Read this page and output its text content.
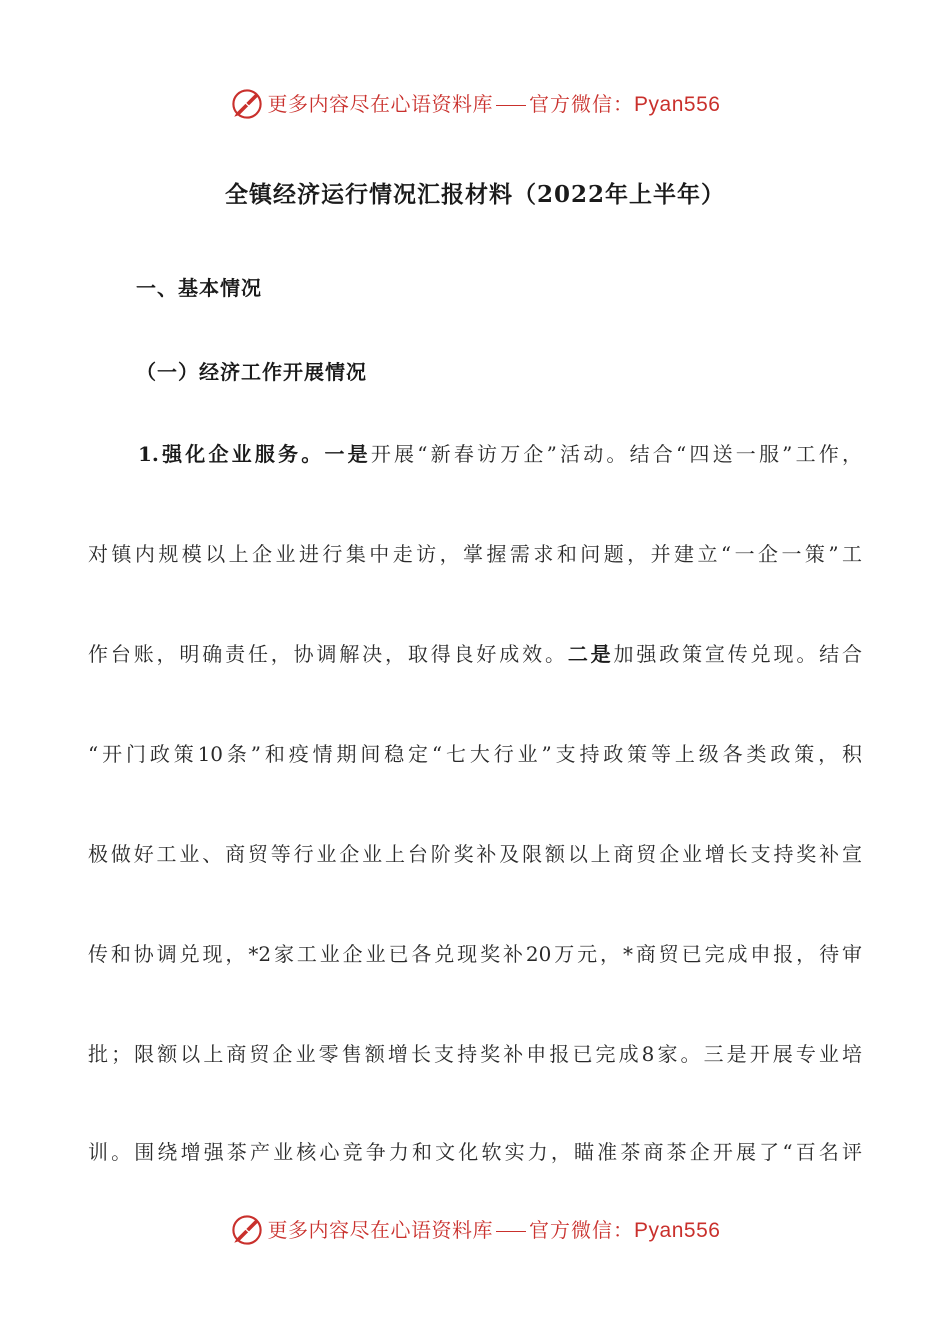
更多内容尽在心语资料库 官方微信： Pyan556
全镇经济运行情况汇报材料（2022年上半年）
一、基本情况
（一）经济工作开展情况
1.强化企业服务。一是开展“新春访万企”活动。结合“四送一服”工作，
对镇内规模以上企业进行集中走访，掌握需求和问题，并建立“一企一策”工
作台账，明确责任，协调解决，取得良好成效。二是加强政策宣传兑现。结合
“开门政策10条”和疫情期间稳定“七大行业”支持政策等上级各类政策，积
极做好工业、商贸等行业企业上台阶奖补及限额以上商贸企业增长支持奖补宣
传和协调兑现，*2家工业企业已各兑现奖补20万元，*商贸已完成申报，待审
批；限额以上商贸企业零售额增长支持奖补申报已完成8家。三是开展专业培
训。围绕增强茶产业核心竞争力和文化软实力，瞄准茶商茶企开展了“百名评
更多内容尽在心语资料库 官方微信： Pyan556
